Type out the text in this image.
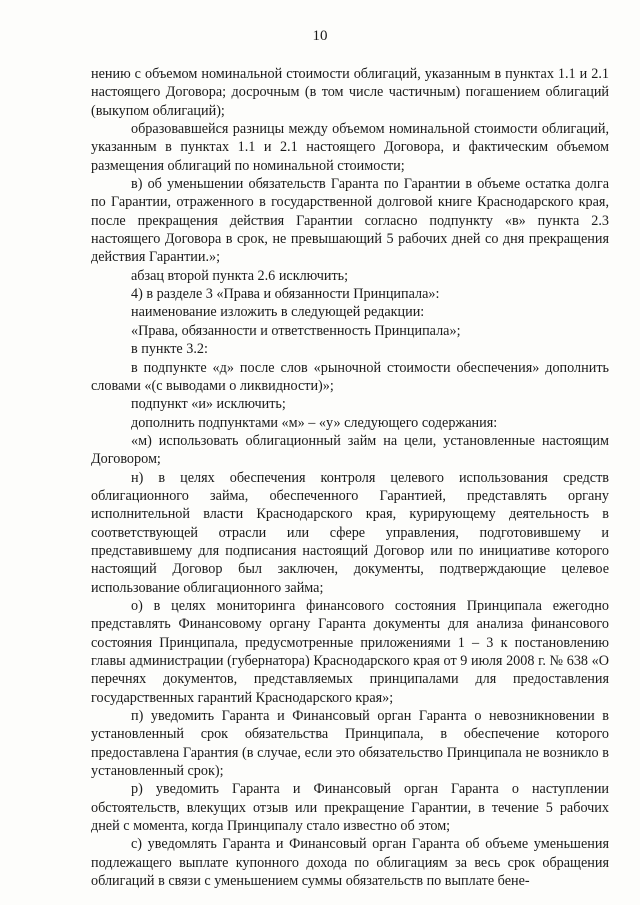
10

нению с объемом номинальной стоимости облигаций, указанным в пунктах 1.1 и 2.1 настоящего Договора; досрочным (в том числе частичным) погашением облигаций (выкупом облигаций);

образовавшейся разницы между объемом номинальной стоимости облигаций, указанным в пунктах 1.1 и 2.1 настоящего Договора, и фактическим объемом размещения облигаций по номинальной стоимости;

в) об уменьшении обязательств Гаранта по Гарантии в объеме остатка долга по Гарантии, отраженного в государственной долговой книге Краснодарского края, после прекращения действия Гарантии согласно подпункту «в» пункта 2.3 настоящего Договора в срок, не превышающий 5 рабочих дней со дня прекращения действия Гарантии.»;

абзац второй пункта 2.6 исключить;

4) в разделе 3 «Права и обязанности Принципала»:

наименование изложить в следующей редакции:

«Права, обязанности и ответственность Принципала»;

в пункте 3.2:

в подпункте «д» после слов «рыночной стоимости обеспечения» дополнить словами «(с выводами о ликвидности)»;

подпункт «и» исключить;

дополнить подпунктами «м» – «у» следующего содержания:

«м) использовать облигационный займ на цели, установленные настоящим Договором;

н) в целях обеспечения контроля целевого использования средств облигационного займа, обеспеченного Гарантией, представлять органу исполнительной власти Краснодарского края, курирующему деятельность в соответствующей отрасли или сфере управления, подготовившему и представившему для подписания настоящий Договор или по инициативе которого настоящий Договор был заключен, документы, подтверждающие целевое использование облигационного займа;

о) в целях мониторинга финансового состояния Принципала ежегодно представлять Финансовому органу Гаранта документы для анализа финансового состояния Принципала, предусмотренные приложениями 1 – 3 к постановлению главы администрации (губернатора) Краснодарского края от 9 июля 2008 г. № 638 «О перечнях документов, представляемых принципалами для предоставления государственных гарантий Краснодарского края»;

п) уведомить Гаранта и Финансовый орган Гаранта о невозникновении в установленный срок обязательства Принципала, в обеспечение которого предоставлена Гарантия (в случае, если это обязательство Принципала не возникло в установленный срок);

р) уведомить Гаранта и Финансовый орган Гаранта о наступлении обстоятельств, влекущих отзыв или прекращение Гарантии, в течение 5 рабочих дней с момента, когда Принципалу стало известно об этом;

с) уведомлять Гаранта и Финансовый орган Гаранта об объеме уменьшения подлежащего выплате купонного дохода по облигациям за весь срок обращения облигаций в связи с уменьшением суммы обязательств по выплате бене-
